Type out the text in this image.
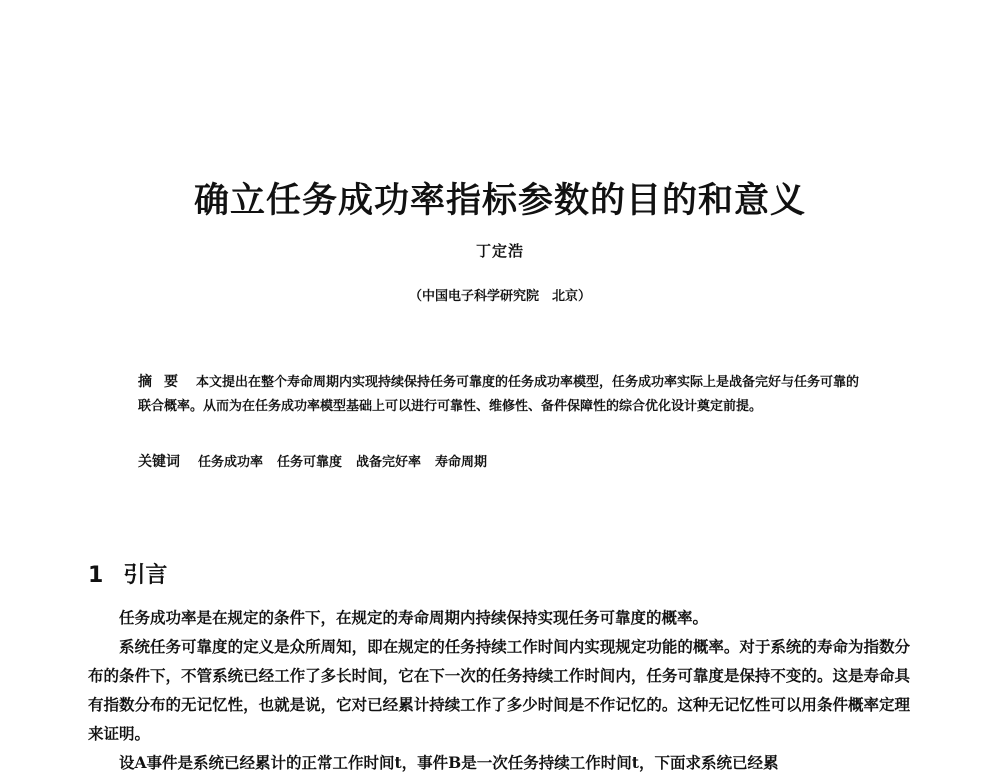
确立任务成功率指标参数的目的和意义
丁定浩
（中国电子科学研究院　北京）
摘要 本文提出在整个寿命周期内实现持续保持任务可靠度的任务成功率模型，任务成功率实际上是战备完好与任务可靠的联合概率。从而为在任务成功率模型基础上可以进行可靠性、维修性、备件保障性的综合优化设计奠定前提。
关键词 任务成功率 任务可靠度 战备完好率 寿命周期
1 引言

任务成功率是在规定的条件下，在规定的寿命周期内持续保持实现任务可靠度的概率。

系统任务可靠度的定义是众所周知，即在规定的任务持续工作时间内实现规定功能的概率。对于系统的寿命为指数分布的条件下，不管系统已经工作了多长时间，它在下一次的任务持续工作时间内，任务可靠度是保持不变的。这是寿命具有指数分布的无记忆性，也就是说，它对已经累计持续工作了多少时间是不作记忆的。这种无记忆性可以用条件概率定理来证明。

设A事件是系统已经累计的正常工作时间t，事件B是一次任务持续工作时间t，下面求系统已经累
